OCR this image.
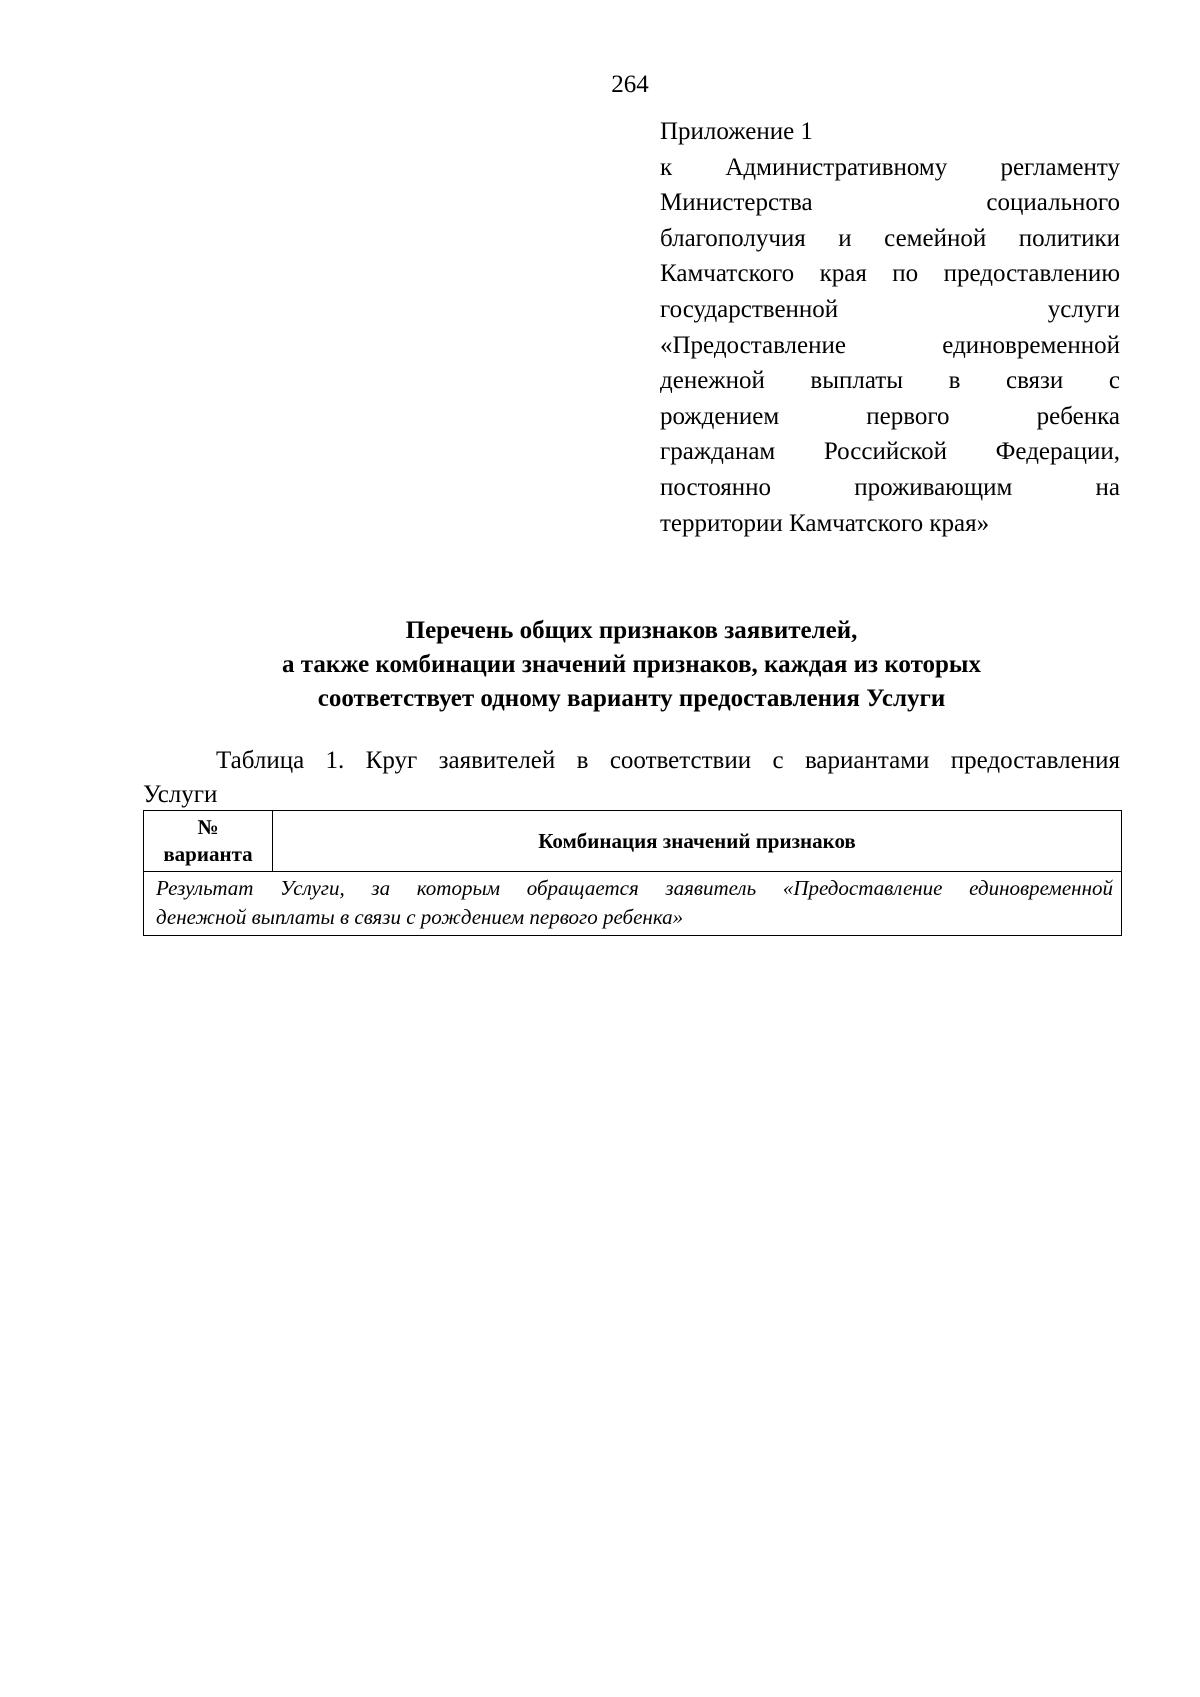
264
Приложение 1
к Административному регламенту
Министерства социального
благополучия и семейной политики
Камчатского края по предоставлению
государственной услуги
«Предоставление единовременной
денежной выплаты в связи с
рождением первого ребенка
гражданам Российской Федерации,
постоянно проживающим на
территории Камчатского края»
Перечень общих признаков заявителей,
а также комбинации значений признаков, каждая из которых
соответствует одному варианту предоставления Услуги
Таблица 1. Круг заявителей в соответствии с вариантами предоставления
Услуги
№
варианта	Комбинация значений признаков

Результат Услуги, за которым обращается заявитель «Предоставление единовременной
денежной выплаты в связи с рождением первого ребенка»
